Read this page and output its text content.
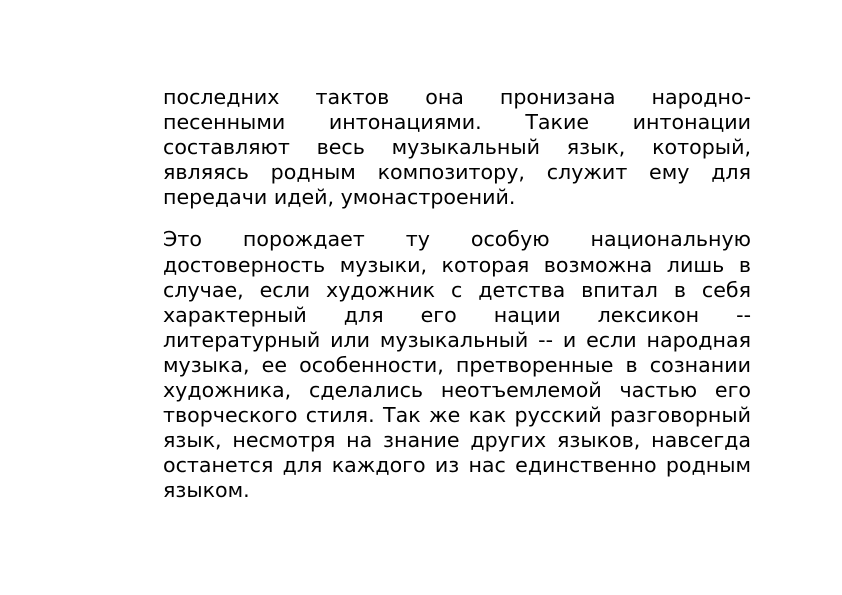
последних тактов она пронизана народно-песенными интонациями. Такие интонации составляют весь музыкальный язык, который, являясь родным композитору, служит ему для передачи идей, умонастроений.

Это порождает ту особую национальную достоверность музыки, которая возможна лишь в случае, если художник с детства впитал в себя характерный для его нации лексикон -- литературный или музыкальный -- и если народная музыка, ее особенности, претворенные в сознании художника, сделались неотъемлемой частью его творческого стиля. Так же как русский разговорный язык, несмотря на знание других языков, навсегда останется для каждого из нас единственно родным языком.
